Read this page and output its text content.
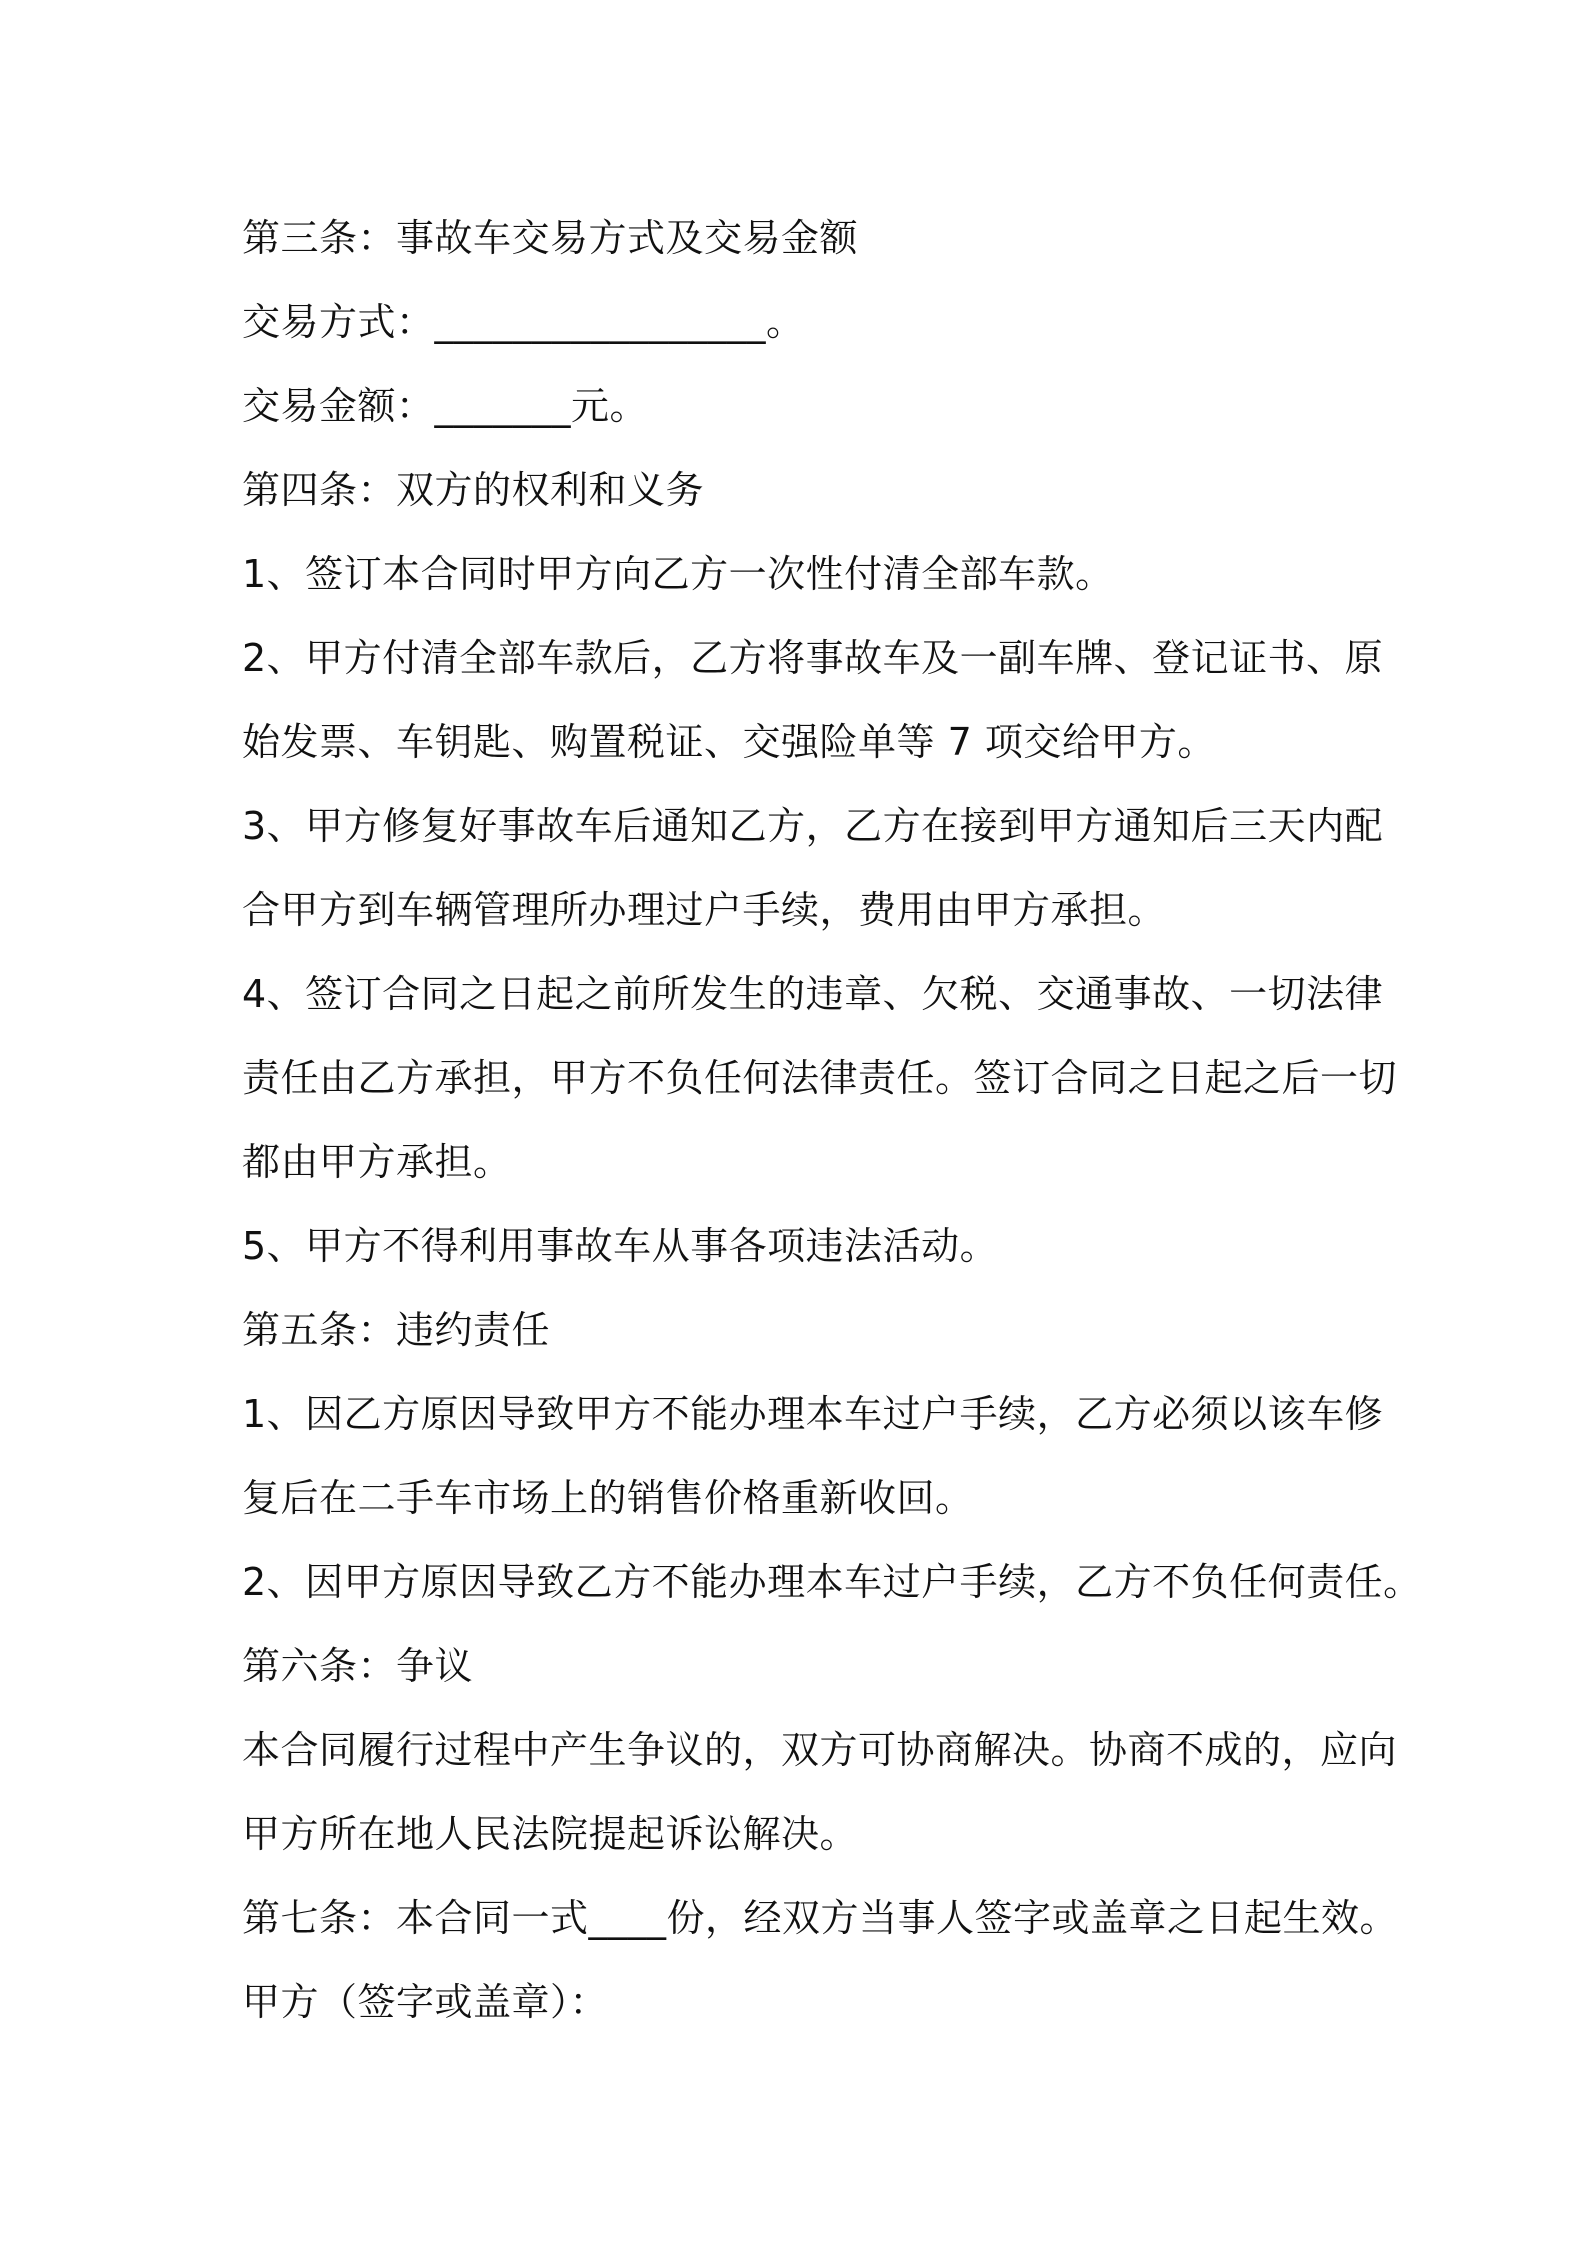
第三条：事故车交易方式及交易金额
交易方式：_________________。
交易金额：_______元。
第四条：双方的权利和义务
1、签订本合同时甲方向乙方一次性付清全部车款。
2、甲方付清全部车款后，乙方将事故车及一副车牌、登记证书、原
始发票、车钥匙、购置税证、交强险单等 7 项交给甲方。
3、甲方修复好事故车后通知乙方，乙方在接到甲方通知后三天内配
合甲方到车辆管理所办理过户手续，费用由甲方承担。
4、签订合同之日起之前所发生的违章、欠税、交通事故、一切法律
责任由乙方承担，甲方不负任何法律责任。签订合同之日起之后一切
都由甲方承担。
5、甲方不得利用事故车从事各项违法活动。
第五条：违约责任
1、因乙方原因导致甲方不能办理本车过户手续，乙方必须以该车修
复后在二手车市场上的销售价格重新收回。
2、因甲方原因导致乙方不能办理本车过户手续，乙方不负任何责任。
第六条：争议
本合同履行过程中产生争议的，双方可协商解决。协商不成的，应向
甲方所在地人民法院提起诉讼解决。
第七条：本合同一式____份，经双方当事人签字或盖章之日起生效。
甲方（签字或盖章）：
